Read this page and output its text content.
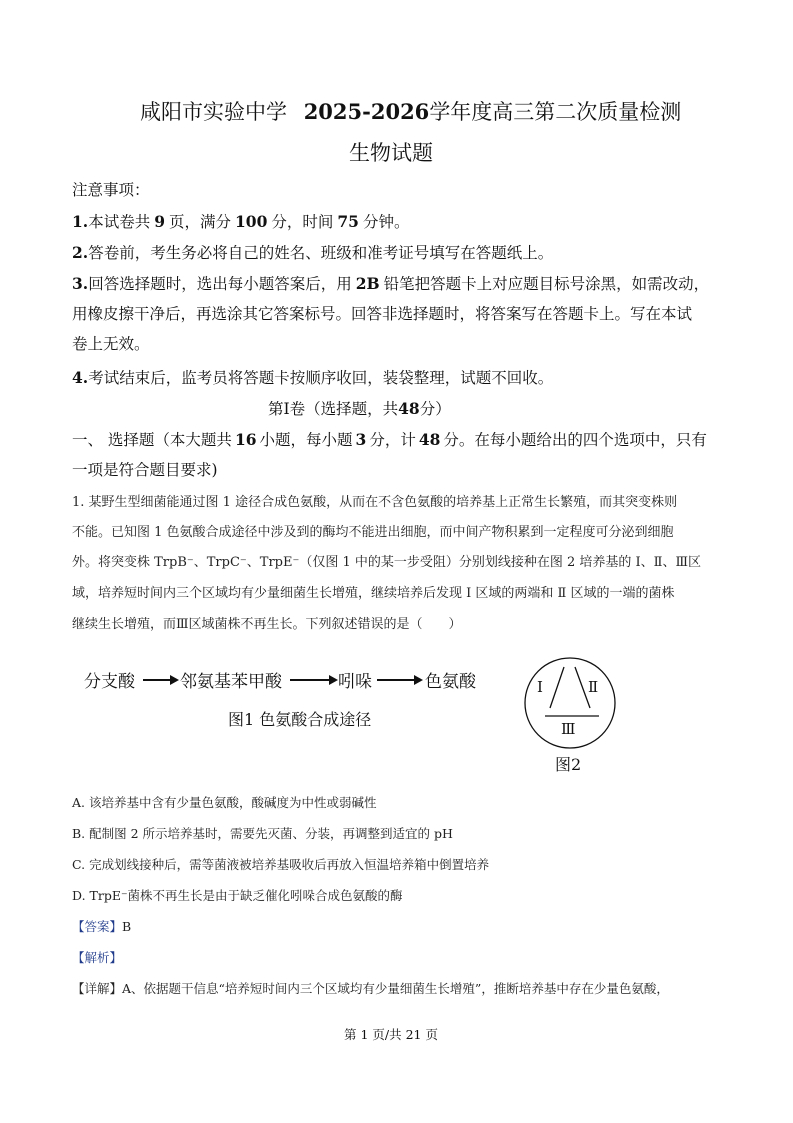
咸阳市实验中学 2025-2026学年度高三第二次质量检测
生物试题
注意事项：
1.本试卷共 9 页，满分 100 分，时间 75 分钟。
2.答卷前，考生务必将自己的姓名、班级和准考证号填写在答题纸上。
3.回答选择题时，选出每小题答案后，用 2B 铅笔把答题卡上对应题目标号涂黑，如需改动，
用橡皮擦干净后，再选涂其它答案标号。回答非选择题时，将答案写在答题卡上。写在本试
卷上无效。
4.考试结束后，监考员将答题卡按顺序收回，装袋整理，试题不回收。
第Ⅰ卷（选择题，共48分）
一、 选择题（本大题共 16 小题，每小题 3 分，计 48 分。在每小题给出的四个选项中，只有
一项是符合题目要求)
1. 某野生型细菌能通过图 1 途径合成色氨酸，从而在不含色氨酸的培养基上正常生长繁殖，而其突变株则
不能。已知图 1 色氨酸合成途径中涉及到的酶均不能进出细胞，而中间产物积累到一定程度可分泌到细胞
外。将突变株 TrpB⁻、TrpC⁻、TrpE⁻（仅图 1 中的某一步受阻）分别划线接种在图 2 培养基的 Ⅰ、Ⅱ、Ⅲ区
域，培养短时间内三个区域均有少量细菌生长增殖，继续培养后发现 Ⅰ 区域的两端和 Ⅱ 区域的一端的菌株
继续生长增殖，而Ⅲ区域菌株不再生长。下列叙述错误的是（　　）
分支酸	邻氨基苯甲酸	吲哚	色氨酸
图1 色氨酸合成途径
Ⅰ	Ⅱ
Ⅲ
图2
A. 该培养基中含有少量色氨酸，酸碱度为中性或弱碱性
B. 配制图 2 所示培养基时，需要先灭菌、分装，再调整到适宜的 pH
C. 完成划线接种后，需等菌液被培养基吸收后再放入恒温培养箱中倒置培养
D. TrpE⁻菌株不再生长是由于缺乏催化吲哚合成色氨酸的酶
【答案】B
【解析】
【详解】A、依据题干信息“培养短时间内三个区域均有少量细菌生长增殖”，推断培养基中存在少量色氨酸，
第 1 页/共 21 页
